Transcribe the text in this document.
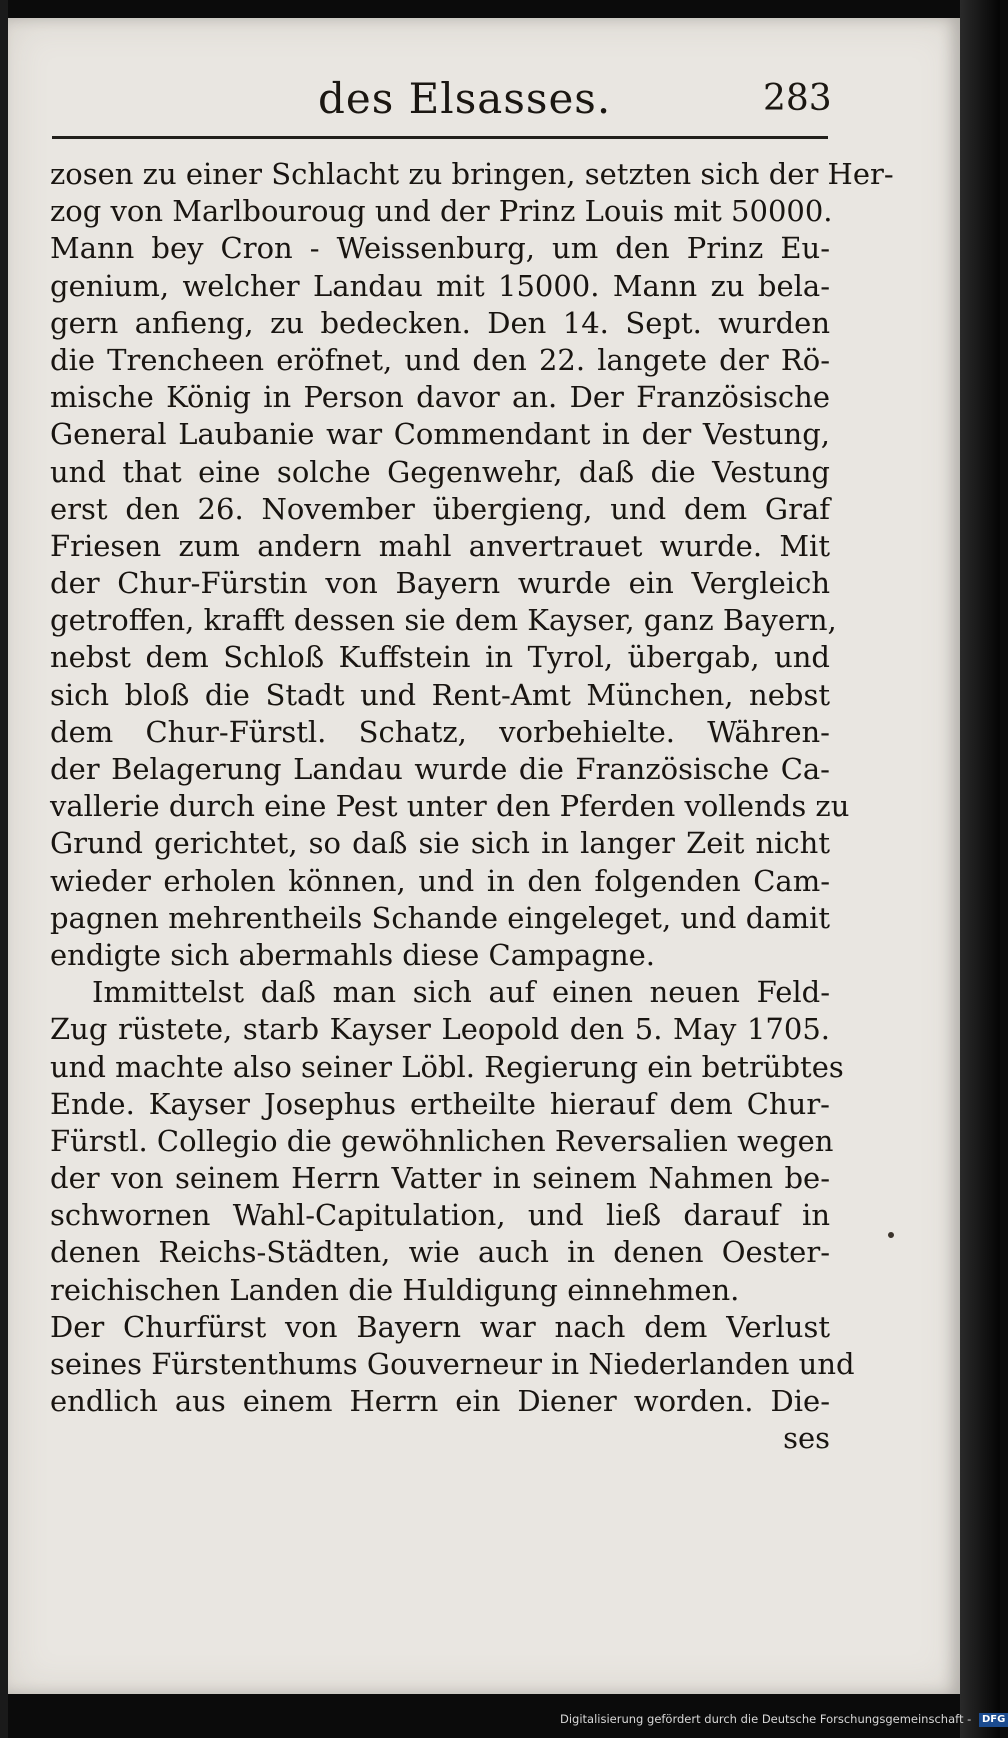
des Elsasses.	283
zosen zu einer Schlacht zu bringen, setzten sich der Her-
zog von Marlbouroug und der Prinz Louis mit 50000.
Mann bey Cron - Weissenburg, um den Prinz Eu-
genium, welcher Landau mit 15000. Mann zu bela-
gern anfieng, zu bedecken. Den 14. Sept. wurden
die Trencheen eröfnet, und den 22. langete der Rö-
mische König in Person davor an. Der Französische
General Laubanie war Commendant in der Vestung,
und that eine solche Gegenwehr, daß die Vestung
erst den 26. November übergieng, und dem Graf
Friesen zum andern mahl anvertrauet wurde. Mit
der Chur-Fürstin von Bayern wurde ein Vergleich
getroffen, krafft dessen sie dem Kayser, ganz Bayern,
nebst dem Schloß Kuffstein in Tyrol, übergab, und
sich bloß die Stadt und Rent-Amt München, nebst
dem Chur-Fürstl. Schatz, vorbehielte. Währen-
der Belagerung Landau wurde die Französische Ca-
vallerie durch eine Pest unter den Pferden vollends zu
Grund gerichtet, so daß sie sich in langer Zeit nicht
wieder erholen können, und in den folgenden Cam-
pagnen mehrentheils Schande eingeleget, und damit
endigte sich abermahls diese Campagne.
Immittelst daß man sich auf einen neuen Feld-
Zug rüstete, starb Kayser Leopold den 5. May 1705.
und machte also seiner Löbl. Regierung ein betrübtes
Ende. Kayser Josephus ertheilte hierauf dem Chur-
Fürstl. Collegio die gewöhnlichen Reversalien wegen
der von seinem Herrn Vatter in seinem Nahmen be-
schwornen Wahl-Capitulation, und ließ darauf in
denen Reichs-Städten, wie auch in denen Oester-
reichischen Landen die Huldigung einnehmen.
Der Churfürst von Bayern war nach dem Verlust
seines Fürstenthums Gouverneur in Niederlanden und
endlich aus einem Herrn ein Diener worden. Die-
ses
Digitalisierung gefördert durch die Deutsche Forschungsgemeinschaft - DFG
